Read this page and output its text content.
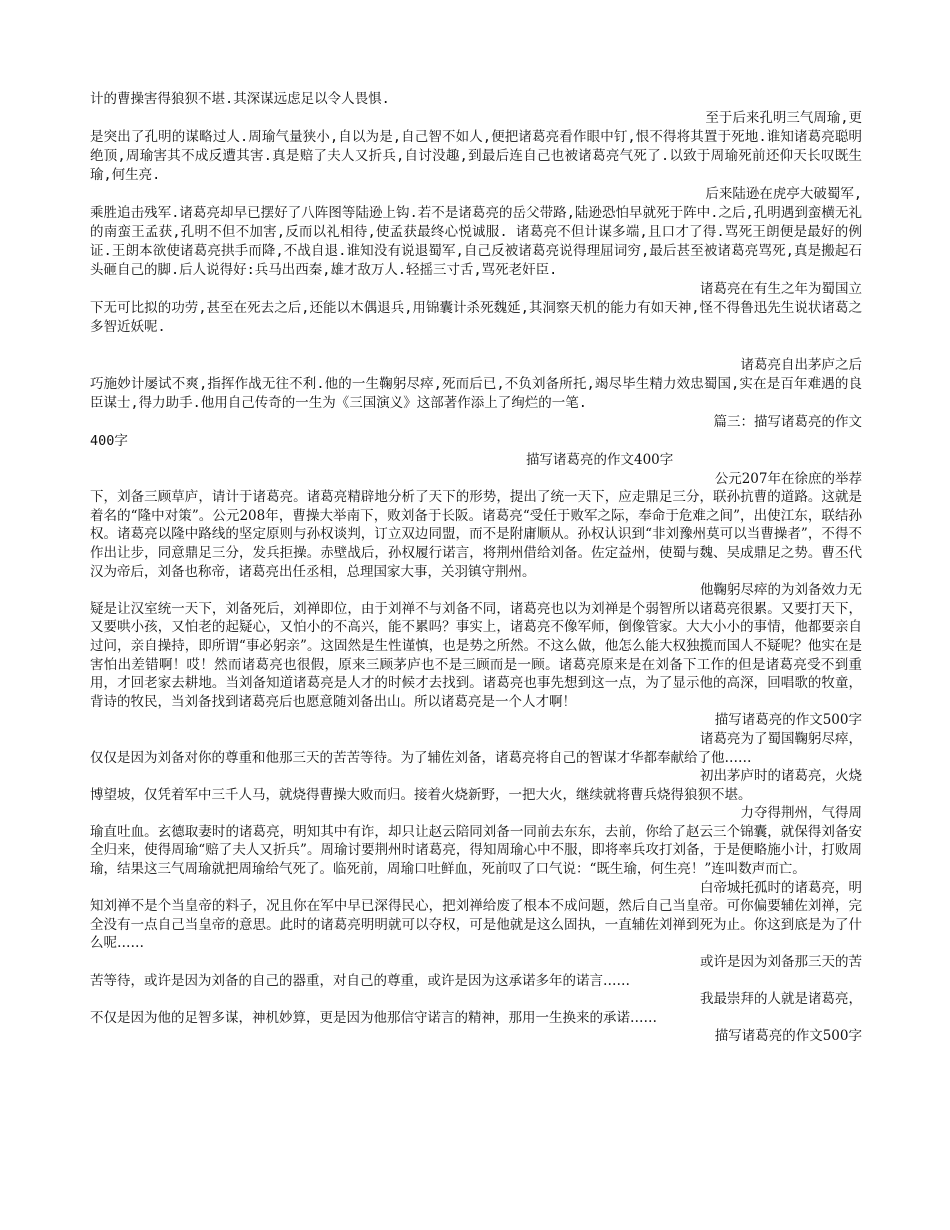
计的曹操害得狼狈不堪.其深谋远虑足以令人畏惧.

至于后来孔明三气周瑜,更

是突出了孔明的谋略过人.周瑜气量狭小,自以为是,自己智不如人,便把诸葛亮看作眼中钉,恨不得将其置于死地.谁知诸葛亮聪明绝顶,周瑜害其不成反遭其害.真是赔了夫人又折兵,自讨没趣,到最后连自己也被诸葛亮气死了.以致于周瑜死前还仰天长叹既生瑜,何生亮.

后来陆逊在虎亭大破蜀军,

乘胜追击残军.诸葛亮却早已摆好了八阵图等陆逊上钩.若不是诸葛亮的岳父带路,陆逊恐怕早就死于阵中.之后,孔明遇到蛮横无礼的南蛮王孟获,孔明不但不加害,反而以礼相待,使孟获最终心悦诚服. 诸葛亮不但计谋多端,且口才了得.骂死王朗便是最好的例证.王朗本欲使诸葛亮拱手而降,不战自退.谁知没有说退蜀军,自己反被诸葛亮说得理屈词穷,最后甚至被诸葛亮骂死,真是搬起石头砸自己的脚.后人说得好:兵马出西秦,雄才敌万人.轻摇三寸舌,骂死老奸臣.

诸葛亮在有生之年为蜀国立

下无可比拟的功劳,甚至在死去之后,还能以木偶退兵,用锦囊计杀死魏延,其洞察天机的能力有如天神,怪不得鲁迅先生说状诸葛之多智近妖呢.

诸葛亮自出茅庐之后

巧施妙计屡试不爽,指挥作战无往不利.他的一生鞠躬尽瘁,死而后已,不负刘备所托,竭尽毕生精力效忠蜀国,实在是百年难遇的良臣谋士,得力助手.他用自己传奇的一生为《三国演义》这部著作添上了绚烂的一笔.

篇三：描写诸葛亮的作文

400字

描写诸葛亮的作文400字

公元207年在徐庶的举荐

下，刘备三顾草庐，请计于诸葛亮。诸葛亮精辟地分析了天下的形势，提出了统一天下，应走鼎足三分，联孙抗曹的道路。这就是着名的“隆中对策”。公元208年，曹操大举南下，败刘备于长阪。诸葛亮“受任于败军之际，奉命于危难之间”，出使江东，联结孙权。诸葛亮以隆中路线的坚定原则与孙权谈判，订立双边同盟，而不是附庸顺从。孙权认识到“非刘豫州莫可以当曹操者”，不得不作出让步，同意鼎足三分，发兵拒操。赤壁战后，孙权履行诺言，将荆州借给刘备。佐定益州，使蜀与魏、吴成鼎足之势。曹丕代汉为帝后，刘备也称帝，诸葛亮出任丞相，总理国家大事，关羽镇守荆州。

他鞠躬尽瘁的为刘备效力无

疑是让汉室统一天下，刘备死后，刘禅即位，由于刘禅不与刘备不同，诸葛亮也以为刘禅是个弱智所以诸葛亮很累。又要打天下，又要哄小孩，又怕老的起疑心，又怕小的不高兴，能不累吗？事实上，诸葛亮不像军师，倒像管家。大大小小的事情，他都要亲自过问，亲自操持，即所谓“事必躬亲”。这固然是生性谨慎，也是势之所然。不这么做，他怎么能大权独揽而国人不疑呢？他实在是害怕出差错啊！哎！然而诸葛亮也很假，原来三顾茅庐也不是三顾而是一顾。诸葛亮原来是在刘备下工作的但是诸葛亮受不到重用，才回老家去耕地。当刘备知道诸葛亮是人才的时候才去找到。诸葛亮也事先想到这一点，为了显示他的高深，回唱歌的牧童，背诗的牧民，当刘备找到诸葛亮后也愿意随刘备出山。所以诸葛亮是一个人才啊！

描写诸葛亮的作文500字

诸葛亮为了蜀国鞠躬尽瘁，

仅仅是因为刘备对你的尊重和他那三天的苦苦等待。为了辅佐刘备，诸葛亮将自己的智谋才华都奉献给了他……

初出茅庐时的诸葛亮，火烧

博望坡，仅凭着军中三千人马，就烧得曹操大败而归。接着火烧新野，一把大火，继续就将曹兵烧得狼狈不堪。

力夺得荆州，气得周

瑜直吐血。玄德取妻时的诸葛亮，明知其中有诈，却只让赵云陪同刘备一同前去东东，去前，你给了赵云三个锦囊，就保得刘备安全归来，使得周瑜“赔了夫人又折兵”。周瑜讨要荆州时诸葛亮，得知周瑜心中不服，即将率兵攻打刘备，于是便略施小计，打败周瑜，结果这三气周瑜就把周瑜给气死了。临死前，周瑜口吐鲜血，死前叹了口气说：“既生瑜，何生亮！”连叫数声而亡。

白帝城托孤时的诸葛亮，明

知刘禅不是个当皇帝的料子，况且你在军中早已深得民心，把刘禅给废了根本不成问题，然后自己当皇帝。可你偏要辅佐刘禅，完全没有一点自己当皇帝的意思。此时的诸葛亮明明就可以夺权，可是他就是这么固执，一直辅佐刘禅到死为止。你这到底是为了什么呢……

或许是因为刘备那三天的苦

苦等待，或许是因为刘备的自己的器重，对自己的尊重，或许是因为这承诺多年的诺言……

我最崇拜的人就是诸葛亮，

不仅是因为他的足智多谋，神机妙算，更是因为他那信守诺言的精神，那用一生换来的承诺……

描写诸葛亮的作文500字
